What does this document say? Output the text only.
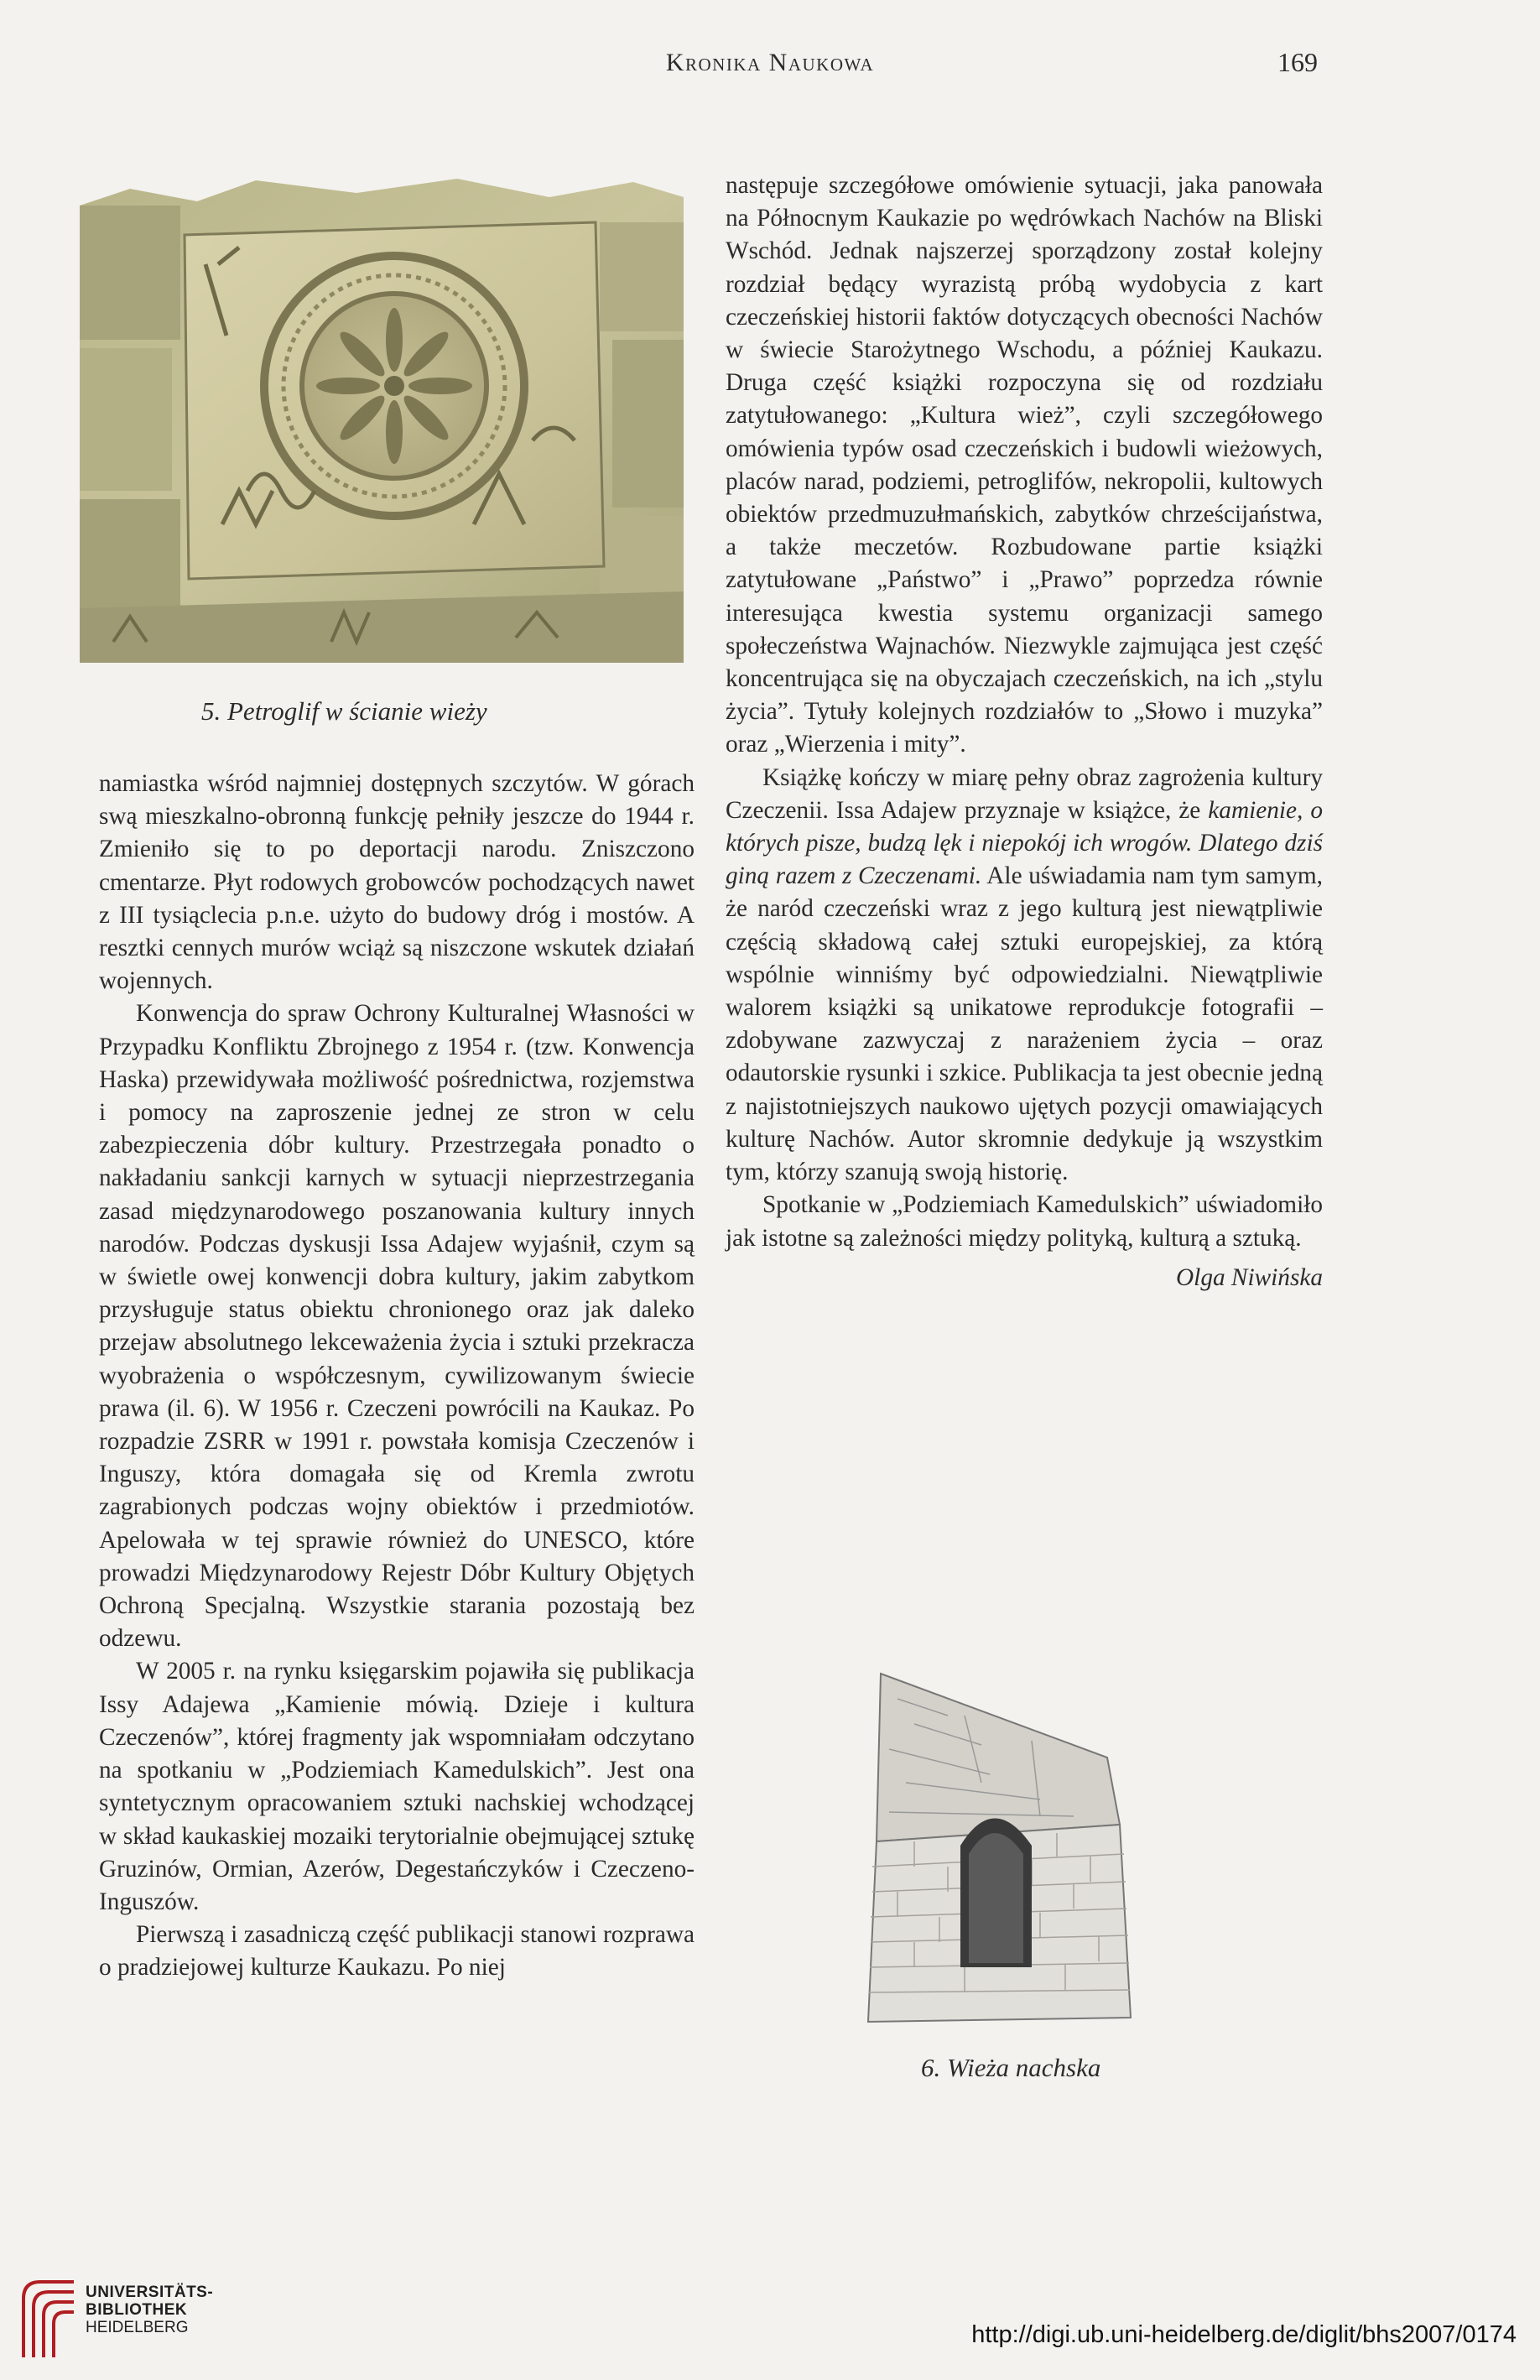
Kronika Naukowa	169
5. Petroglif w ścianie wieży

namiastka wśród najmniej dostępnych szczytów. W górach swą mieszkalno-obronną funkcję pełniły jeszcze do 1944 r. Zmieniło się to po deportacji narodu. Zniszczono cmentarze. Płyt rodowych grobowców pochodzących nawet z III tysiąclecia p.n.e. użyto do budowy dróg i mostów. A resztki cennych murów wciąż są niszczone wskutek działań wojennych.

Konwencja do spraw Ochrony Kulturalnej Własności w Przypadku Konfliktu Zbrojnego z 1954 r. (tzw. Konwencja Haska) przewidywała możliwość pośrednictwa, rozjemstwa i pomocy na zaproszenie jednej ze stron w celu zabezpieczenia dóbr kultury. Przestrzegała ponadto o nakładaniu sankcji karnych w sytuacji nieprzestrzegania zasad międzynarodowego poszanowania kultury innych narodów. Podczas dyskusji Issa Adajew wyjaśnił, czym są w świetle owej konwencji dobra kultury, jakim zabytkom przysługuje status obiektu chronionego oraz jak daleko przejaw absolutnego lekceważenia życia i sztuki przekracza wyobrażenia o współczesnym, cywilizowanym świecie prawa (il. 6). W 1956 r. Czeczeni powrócili na Kaukaz. Po rozpadzie ZSRR w 1991 r. powstała komisja Czeczenów i Inguszy, która domagała się od Kremla zwrotu zagrabionych podczas wojny obiektów i przedmiotów. Apelowała w tej sprawie również do UNESCO, które prowadzi Międzynarodowy Rejestr Dóbr Kultury Objętych Ochroną Specjalną. Wszystkie starania pozostają bez odzewu.

W 2005 r. na rynku księgarskim pojawiła się publikacja Issy Adajewa „Kamienie mówią. Dzieje i kultura Czeczenów”, której fragmenty jak wspomniałam odczytano na spotkaniu w „Podziemiach Kamedulskich”. Jest ona syntetycznym opracowaniem sztuki nachskiej wchodzącej w skład kaukaskiej mozaiki terytorialnie obejmującej sztukę Gruzinów, Ormian, Azerów, Degestańczyków i Czeczeno-Inguszów.

Pierwszą i zasadniczą część publikacji stanowi rozprawa o pradziejowej kulturze Kaukazu. Po niej

następuje szczegółowe omówienie sytuacji, jaka panowała na Północnym Kaukazie po wędrówkach Nachów na Bliski Wschód. Jednak najszerzej sporządzony został kolejny rozdział będący wyrazistą próbą wydobycia z kart czeczeńskiej historii faktów dotyczących obecności Nachów w świecie Starożytnego Wschodu, a później Kaukazu. Druga część książki rozpoczyna się od rozdziału zatytułowanego: „Kultura wież”, czyli szczegółowego omówienia typów osad czeczeńskich i budowli wieżowych, placów narad, podziemi, petroglifów, nekropolii, kultowych obiektów przedmuzułmańskich, zabytków chrześcijaństwa, a także meczetów. Rozbudowane partie książki zatytułowane „Państwo” i „Prawo” poprzedza równie interesująca kwestia systemu organizacji samego społeczeństwa Wajnachów. Niezwykle zajmująca jest część koncentrująca się na obyczajach czeczeńskich, na ich „stylu życia”. Tytuły kolejnych rozdziałów to „Słowo i muzyka” oraz „Wierzenia i mity”.

Książkę kończy w miarę pełny obraz zagrożenia kultury Czeczenii. Issa Adajew przyznaje w książce, że kamienie, o których pisze, budzą lęk i niepokój ich wrogów. Dlatego dziś giną razem z Czeczenami. Ale uświadamia nam tym samym, że naród czeczeński wraz z jego kulturą jest niewątpliwie częścią składową całej sztuki europejskiej, za którą wspólnie winniśmy być odpowiedzialni. Niewątpliwie walorem książki są unikatowe reprodukcje fotografii – zdobywane zazwyczaj z narażeniem życia – oraz odautorskie rysunki i szkice. Publikacja ta jest obecnie jedną z najistotniejszych naukowo ujętych pozycji omawiających kulturę Nachów. Autor skromnie dedykuje ją wszystkim tym, którzy szanują swoją historię.

Spotkanie w „Podziemiach Kamedulskich” uświadomiło jak istotne są zależności między polityką, kulturą a sztuką.

Olga Niwińska

6. Wieża nachska
UNIVERSITÄTS-
BIBLIOTHEK
HEIDELBERG	http://digi.ub.uni-heidelberg.de/diglit/bhs2007/0174
